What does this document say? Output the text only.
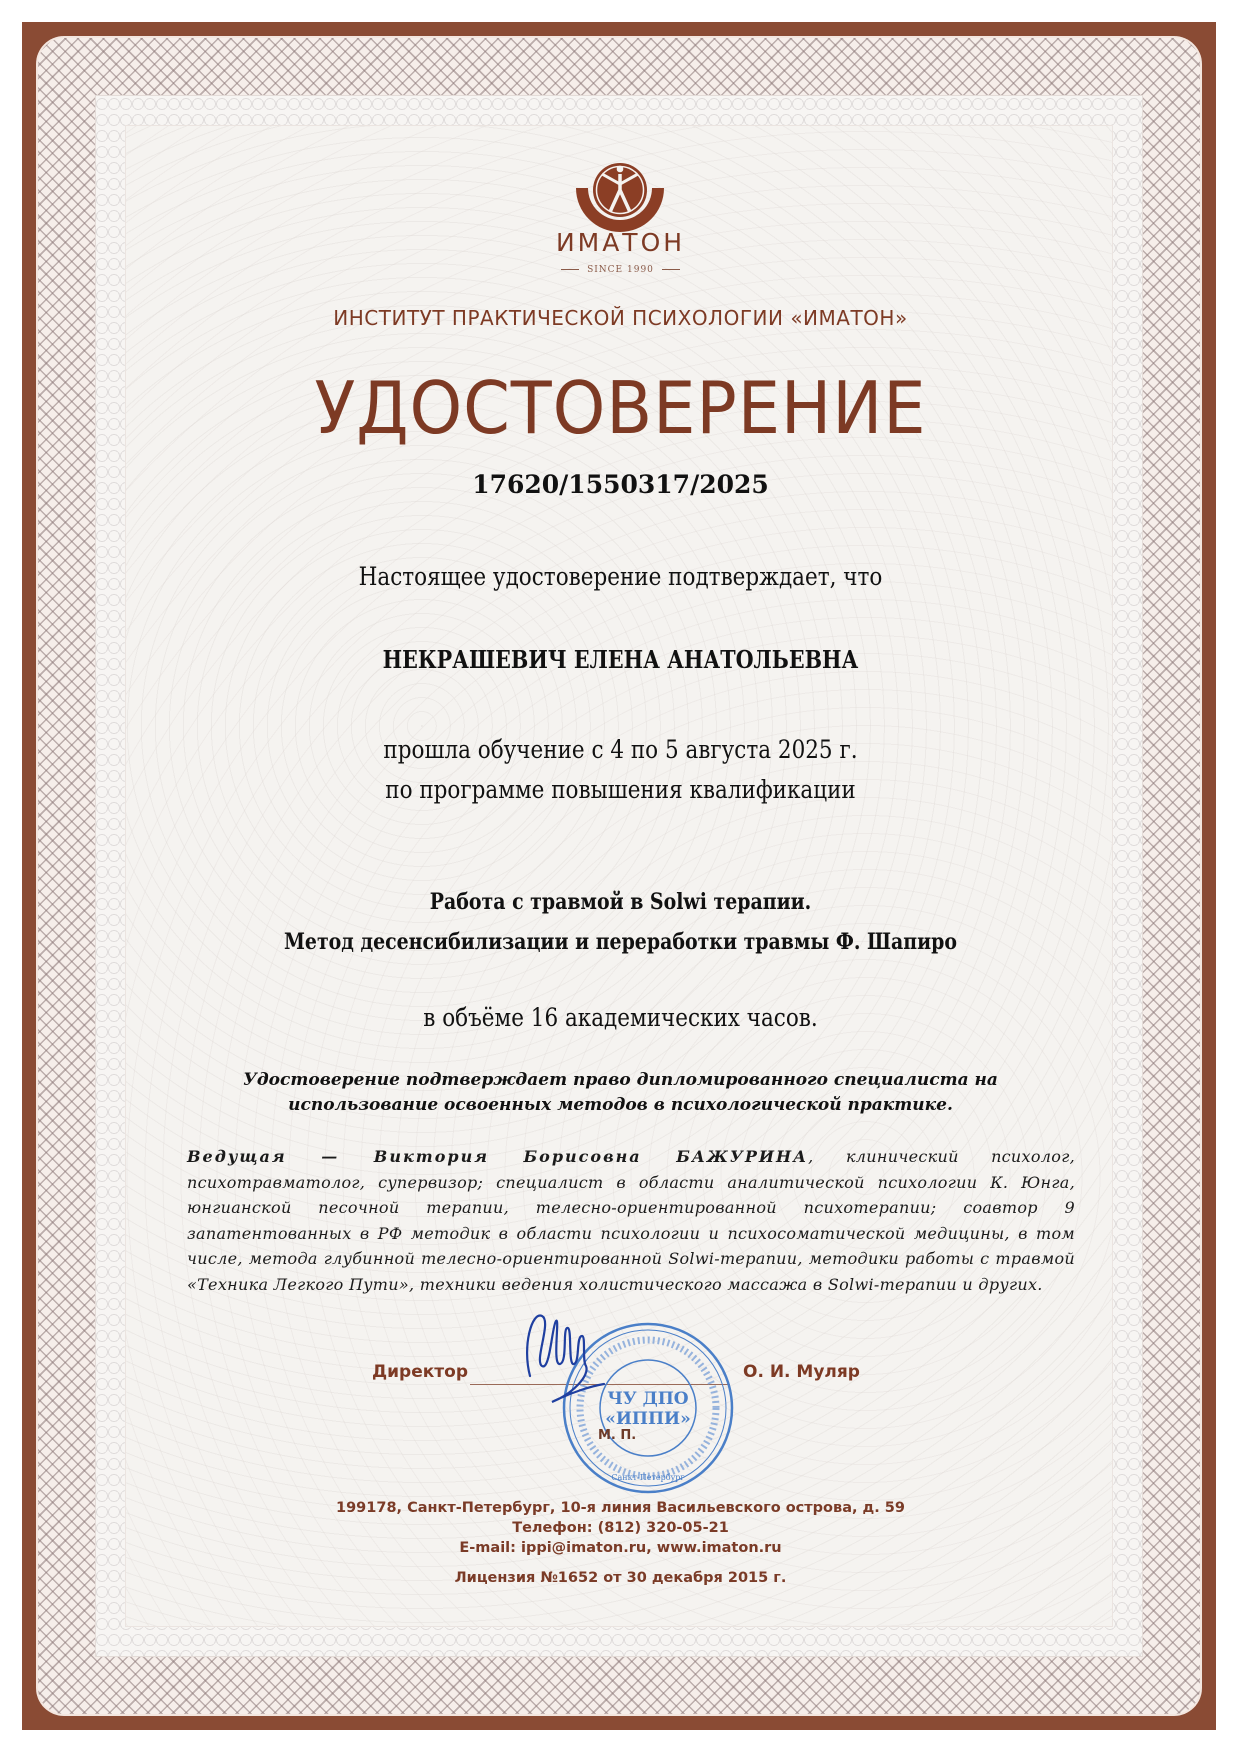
ИМАТОН
SINCE 1990
ИНСТИТУТ ПРАКТИЧЕСКОЙ ПСИХОЛОГИИ «ИМАТОН»
УДОСТОВЕРЕНИЕ
17620/1550317/2025
Настоящее удостоверение подтверждает, что
НЕКРАШЕВИЧ ЕЛЕНА АНАТОЛЬЕВНА
прошла обучение с 4 по 5 августа 2025 г.
по программе повышения квалификации
Работа с травмой в Solwi терапии.
Метод десенсибилизации и переработки травмы Ф. Шапиро
в объёме 16 академических часов.
Удостоверение подтверждает право дипломированного специалиста на
использование освоенных методов в психологической практике.
Ведущая — Виктория Борисовна БАЖУРИНА, клинический психолог, психотравматолог, супервизор; специалист в области аналитической психологии К. Юнга, юнгианской песочной терапии, телесно-ориентированной психотерапии; соавтор 9 запатентованных в РФ методик в области психологии и психосоматической медицины, в том числе, метода глубинной телесно-ориентированной Solwi-терапии, методики работы с травмой «Техника Легкого Пути», техники ведения холистического массажа в Solwi-терапии и других.
Директор	О. И. Муляр
ЧУ ДПО
«ИППИ»
Санкт-Петербург
М. П.
199178, Санкт-Петербург, 10-я линия Васильевского острова, д. 59
Телефон: (812) 320-05-21
E-mail: ippi@imaton.ru, www.imaton.ru
Лицензия №1652 от 30 декабря 2015 г.
